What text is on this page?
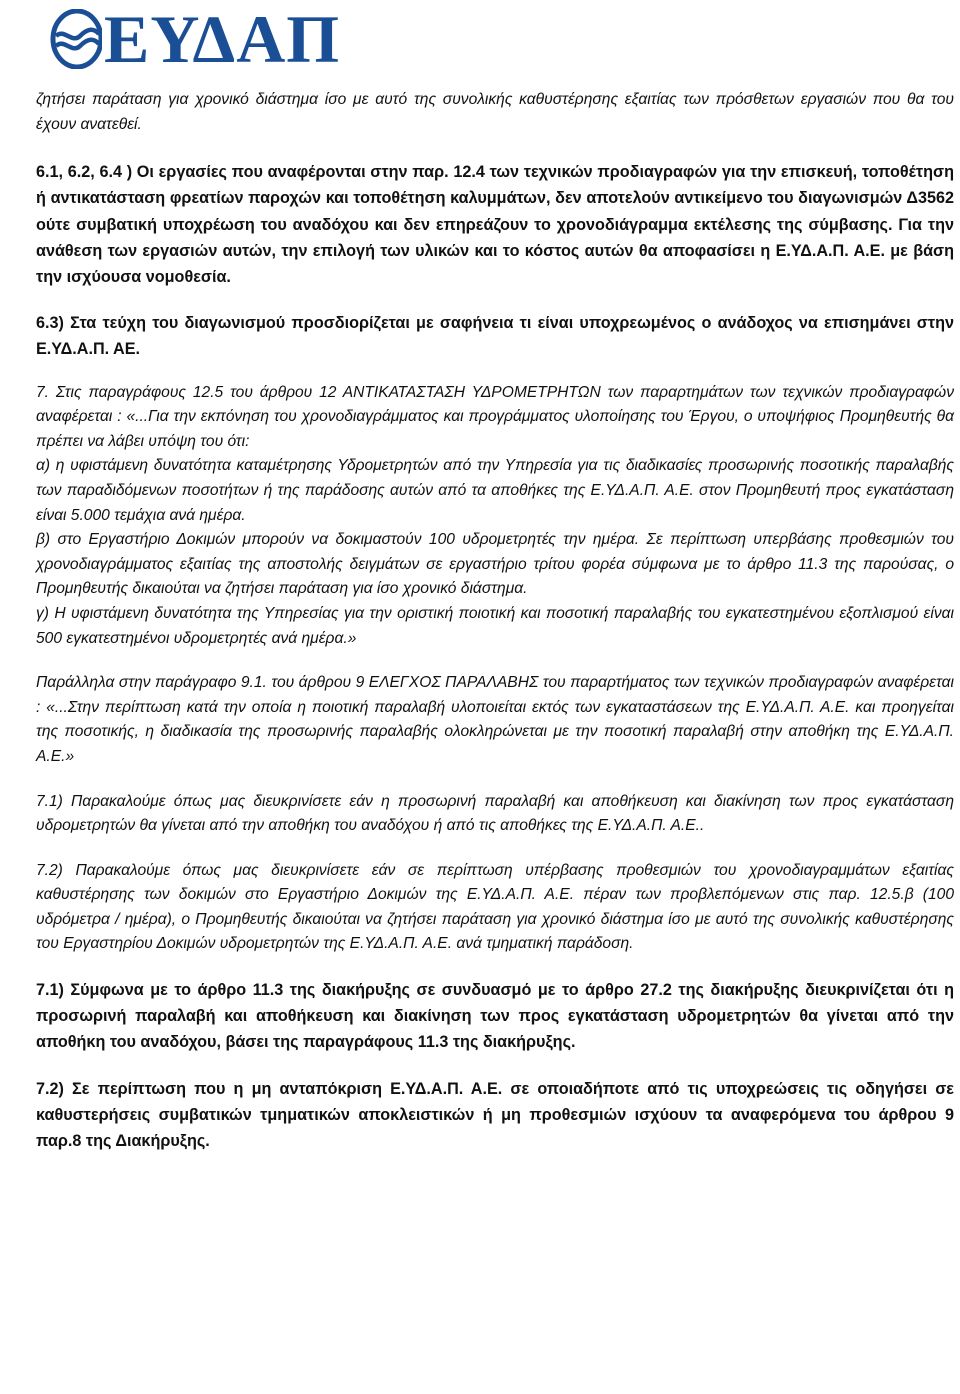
ΕΥΔΑΠ

ζητήσει παράταση για χρονικό διάστημα ίσο με αυτό της συνολικής καθυστέρησης εξαιτίας των πρόσθετων εργασιών που θα του έχουν ανατεθεί.

6.1, 6.2, 6.4 ) Οι εργασίες που αναφέρονται στην παρ. 12.4 των τεχνικών προδιαγραφών για την επισκευή, τοποθέτηση ή αντικατάσταση φρεατίων παροχών και τοποθέτηση καλυμμάτων, δεν αποτελούν αντικείμενο του διαγωνισμών Δ3562 ούτε συμβατική υποχρέωση του αναδόχου και δεν επηρεάζουν το χρονοδιάγραμμα εκτέλεσης της σύμβασης. Για την ανάθεση των εργασιών αυτών, την επιλογή των υλικών και το κόστος αυτών θα αποφασίσει η Ε.ΥΔ.Α.Π. Α.Ε. με βάση την ισχύουσα νομοθεσία.

6.3) Στα τεύχη του διαγωνισμού προσδιορίζεται με σαφήνεια τι είναι υποχρεωμένος ο ανάδοχος να επισημάνει στην Ε.ΥΔ.Α.Π. ΑΕ.

7. Στις παραγράφους 12.5 του άρθρου 12 ΑΝΤΙΚΑΤΑΣΤΑΣΗ ΥΔΡΟΜΕΤΡΗΤΩΝ των παραρτημάτων των τεχνικών προδιαγραφών αναφέρεται : «...Για την εκπόνηση του χρονοδιαγράμματος και προγράμματος υλοποίησης του Έργου, ο υποψήφιος Προμηθευτής θα πρέπει να λάβει υπόψη του ότι:

α) η υφιστάμενη δυνατότητα καταμέτρησης Υδρομετρητών από την Υπηρεσία για τις διαδικασίες προσωρινής ποσοτικής παραλαβής των παραδιδόμενων ποσοτήτων ή της παράδοσης αυτών από τα αποθήκες της Ε.ΥΔ.Α.Π. Α.Ε. στον Προμηθευτή προς εγκατάσταση είναι 5.000 τεμάχια ανά ημέρα.

β) στο Εργαστήριο Δοκιμών μπορούν να δοκιμαστούν 100 υδρομετρητές την ημέρα. Σε περίπτωση υπερβάσης προθεσμιών του χρονοδιαγράμματος εξαιτίας της αποστολής δειγμάτων σε εργαστήριο τρίτου φορέα σύμφωνα με το άρθρο 11.3 της παρούσας, ο Προμηθευτής δικαιούται να ζητήσει παράταση για ίσο χρονικό διάστημα.

γ) Η υφιστάμενη δυνατότητα της Υπηρεσίας για την οριστική ποιοτική και ποσοτική παραλαβής του εγκατεστημένου εξοπλισμού είναι 500 εγκατεστημένοι υδρομετρητές ανά ημέρα.»

Παράλληλα στην παράγραφο 9.1. του άρθρου 9 ΕΛΕΓΧΟΣ ΠΑΡΑΛΑΒΗΣ του παραρτήματος των τεχνικών προδιαγραφών αναφέρεται : «...Στην περίπτωση κατά την οποία η ποιοτική παραλαβή υλοποιείται εκτός των εγκαταστάσεων της Ε.ΥΔ.Α.Π. Α.Ε. και προηγείται της ποσοτικής, η διαδικασία της προσωρινής παραλαβής ολοκληρώνεται με την ποσοτική παραλαβή στην αποθήκη της Ε.ΥΔ.Α.Π. Α.Ε.»

7.1) Παρακαλούμε όπως μας διευκρινίσετε εάν η προσωρινή παραλαβή και αποθήκευση και διακίνηση των προς εγκατάσταση υδρομετρητών θα γίνεται από την αποθήκη του αναδόχου ή από τις αποθήκες της Ε.ΥΔ.Α.Π. Α.Ε..

7.2) Παρακαλούμε όπως μας διευκρινίσετε εάν σε περίπτωση υπέρβασης προθεσμιών του χρονοδιαγραμμάτων εξαιτίας καθυστέρησης των δοκιμών στο Εργαστήριο Δοκιμών της Ε.ΥΔ.Α.Π. Α.Ε. πέραν των προβλεπόμενων στις παρ. 12.5.β (100 υδρόμετρα / ημέρα), ο Προμηθευτής δικαιούται να ζητήσει παράταση για χρονικό διάστημα ίσο με αυτό της συνολικής καθυστέρησης του Εργαστηρίου Δοκιμών υδρομετρητών της Ε.ΥΔ.Α.Π. Α.Ε. ανά τμηματική παράδοση.

7.1) Σύμφωνα με το άρθρο 11.3 της διακήρυξης σε συνδυασμό με το άρθρο 27.2 της διακήρυξης διευκρινίζεται ότι η προσωρινή παραλαβή και αποθήκευση και διακίνηση των προς εγκατάσταση υδρομετρητών θα γίνεται από την αποθήκη του αναδόχου, βάσει της παραγράφους 11.3 της διακήρυξης.

7.2) Σε περίπτωση που η μη ανταπόκριση Ε.ΥΔ.Α.Π. Α.Ε. σε οποιαδήποτε από τις υποχρεώσεις τις οδηγήσει σε καθυστερήσεις συμβατικών τμηματικών αποκλειστικών ή μη προθεσμιών ισχύουν τα αναφερόμενα του άρθρου 9 παρ.8 της Διακήρυξης.
